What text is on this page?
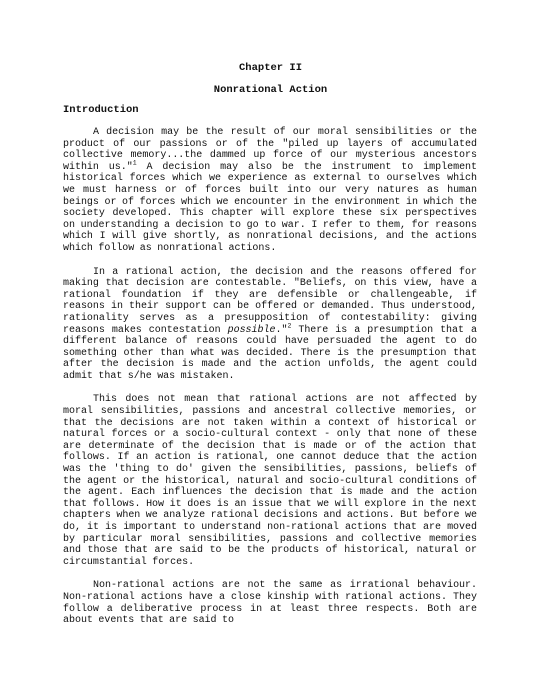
Chapter II
Nonrational Action
Introduction

A decision may be the result of our moral sensibilities or the product of our passions or of the "piled up layers of accumulated collective memory...the dammed up force of our mysterious ancestors within us."$^1$ A decision may also be the instrument to implement historical forces which we experience as external to ourselves which we must harness or of forces built into our very natures as human beings or of forces which we encounter in the environment in which the society developed. This chapter will explore these six perspectives on understanding a decision to go to war. I refer to them, for reasons which I will give shortly, as nonrational decisions, and the actions which follow as nonrational actions.

In a rational action, the decision and the reasons offered for making that decision are contestable. "Beliefs, on this view, have a rational foundation if they are defensible or challengeable, if reasons in their support can be offered or demanded. Thus understood, rationality serves as a presupposition of contestability: giving reasons makes contestation possible."$^2$ There is a presumption that a different balance of reasons could have persuaded the agent to do something other than what was decided. There is the presumption that after the decision is made and the action unfolds, the agent could admit that s/he was mistaken.

This does not mean that rational actions are not affected by moral sensibilities, passions and ancestral collective memories, or that the decisions are not taken within a context of historical or natural forces or a socio-cultural context - only that none of these are determinate of the decision that is made or of the action that follows. If an action is rational, one cannot deduce that the action was the 'thing to do' given the sensibilities, passions, beliefs of the agent or the historical, natural and socio-cultural conditions of the agent. Each influences the decision that is made and the action that follows. How it does is an issue that we will explore in the next chapters when we analyze rational decisions and actions. But before we do, it is important to understand non-rational actions that are moved by particular moral sensibilities, passions and collective memories and those that are said to be the products of historical, natural or circumstantial forces.

Non-rational actions are not the same as irrational behaviour. Non-rational actions have a close kinship with rational actions. They follow a deliberative process in at least three respects. Both are about events that are said to
